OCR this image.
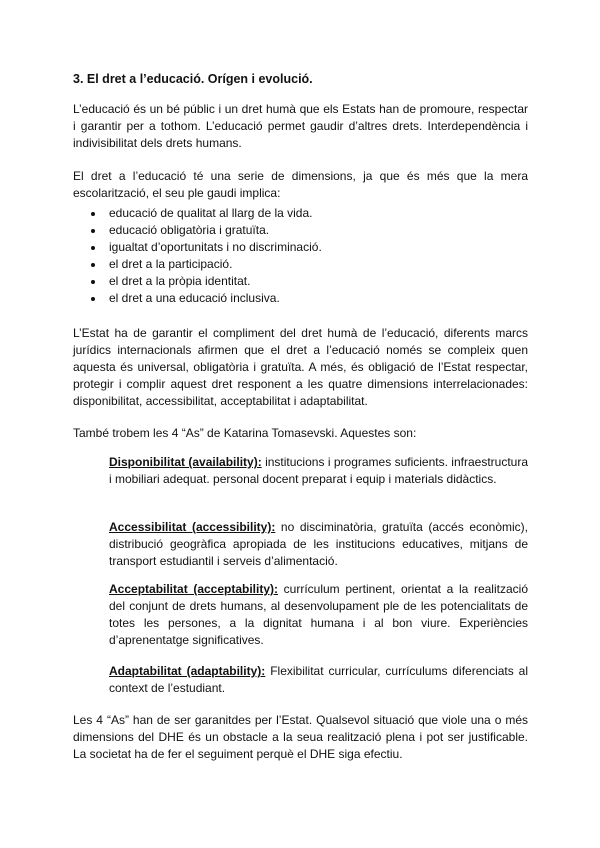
3. El dret a l’educació. Orígen i evolució.

L’educació és un bé públic i un dret humà que els Estats han de promoure, respectar i garantir per a tothom. L’educació permet gaudir d’altres drets. Interdependència i indivisibilitat dels drets humans.

El dret a l’educació té una serie de dimensions, ja que és més que la mera escolarització, el seu ple gaudi implica:

educació de qualitat al llarg de la vida.
educació obligatòria i gratuïta.
igualtat d’oportunitats i no discriminació.
el dret a la participació.
el dret a la pròpia identitat.
el dret a una educació inclusiva.

L’Estat ha de garantir el compliment del dret humà de l’educació, diferents marcs jurídics internacionals afirmen que el dret a l’educació només se compleix quen aquesta és universal, obligatòria i gratuïta. A més, és obligació de l’Estat respectar, protegir i complir aquest dret responent a les quatre dimensions interrelacionades: disponibilitat, accessibilitat, acceptabilitat i adaptabilitat.

També trobem les 4 “As” de Katarina Tomasevski. Aquestes son:

Disponibilitat (availability): institucions i programes suficients. infraestructura i mobiliari adequat. personal docent preparat i equip i materials didàctics.

Accessibilitat (accessibility): no disciminatòria, gratuïta (accés econòmic), distribució geogràfica apropiada de les institucions educatives, mitjans de transport estudiantil i serveis d’alimentació.

Acceptabilitat (acceptability): currículum pertinent, orientat a la realització del conjunt de drets humans, al desenvolupament ple de les potencialitats de totes les persones, a la dignitat humana i al bon viure. Experiències d’aprenentatge significatives.

Adaptabilitat (adaptability): Flexibilitat curricular, currículums diferenciats al context de l’estudiant.

Les 4 “As” han de ser garanitdes per l’Estat. Qualsevol situació que viole una o més dimensions del DHE és un obstacle a la seua realització plena i pot ser justificable. La societat ha de fer el seguiment perquè el DHE siga efectiu.
